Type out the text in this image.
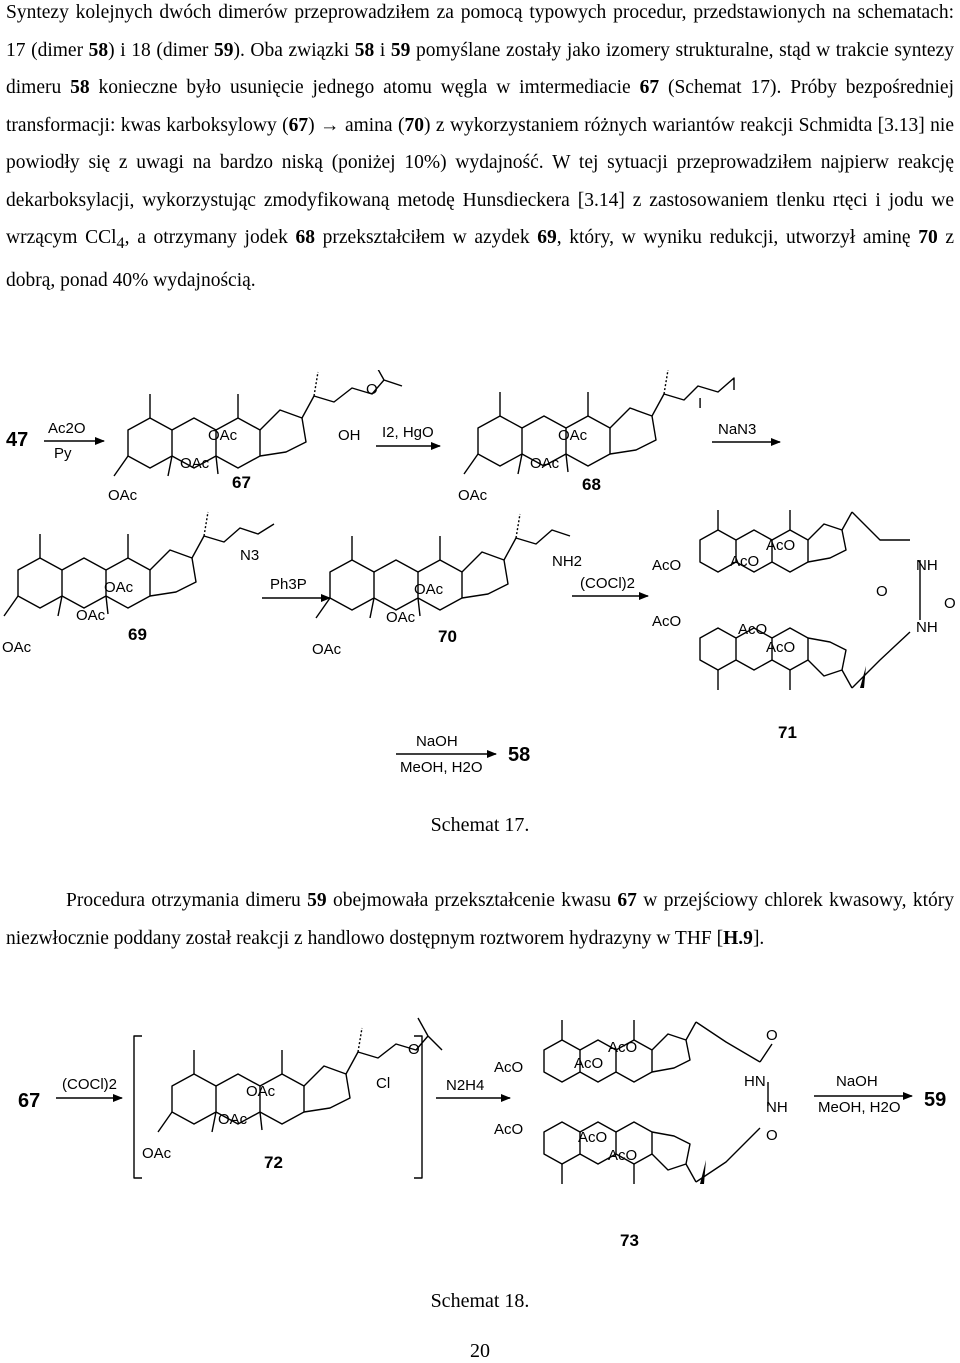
Syntezy kolejnych dwóch dimerów przeprowadziłem za pomocą typowych procedur, przedstawionych na schematach: 17 (dimer 58) i 18 (dimer 59). Oba związki 58 i 59 pomyślane zostały jako izomery strukturalne, stąd w trakcie syntezy dimeru 58 konieczne było usunięcie jednego atomu węgla w imtermediacie 67 (Schemat 17). Próby bezpośredniej transformacji: kwas karboksylowy (67) → amina (70) z wykorzystaniem różnych wariantów reakcji Schmidta [3.13] nie powiodły się z uwagi na bardzo niską (poniżej 10%) wydajność. W tej sytuacji przeprowadziłem najpierw reakcję dekarboksylacji, wykorzystując zmodyfikowaną metodę Hunsdieckera [3.14] z zastosowaniem tlenku rtęci i jodu we wrzącym CCl$_4$, a otrzymany jodek 68 przekształciłem w azydek 69, który, w wyniku redukcji, utworzył aminę 70 z dobrą, ponad 40% wydajnością.

47
Ac2O
Py
O
OH
OAc
OAc
OAc
67
I2, HgO
I
OAc
OAc
OAc
68
NaN3
N3
OAc
OAc
OAc
69
Ph3P
NH2
OAc
OAc
OAc
70
(COCl)2
AcO	AcO
AcO
AcO	AcO
AcO
NH
O
O
NH
NaOH
MeOH, H2O
58
71
Schemat 17.

Procedura otrzymania dimeru 59 obejmowała przekształcenie kwasu 67 w przejściowy chlorek kwasowy, który niezwłocznie poddany został reakcji z handlowo dostępnym roztworem hydrazyny w THF [H.9].

67
(COCl)2
O
Cl
OAc
OAc
OAc	72
N2H4
O
AcO	AcO
AcO
HN
NH
AcO	AcO
AcO
O
NaOH
MeOH, H2O 59
73
Schemat 18.
20
